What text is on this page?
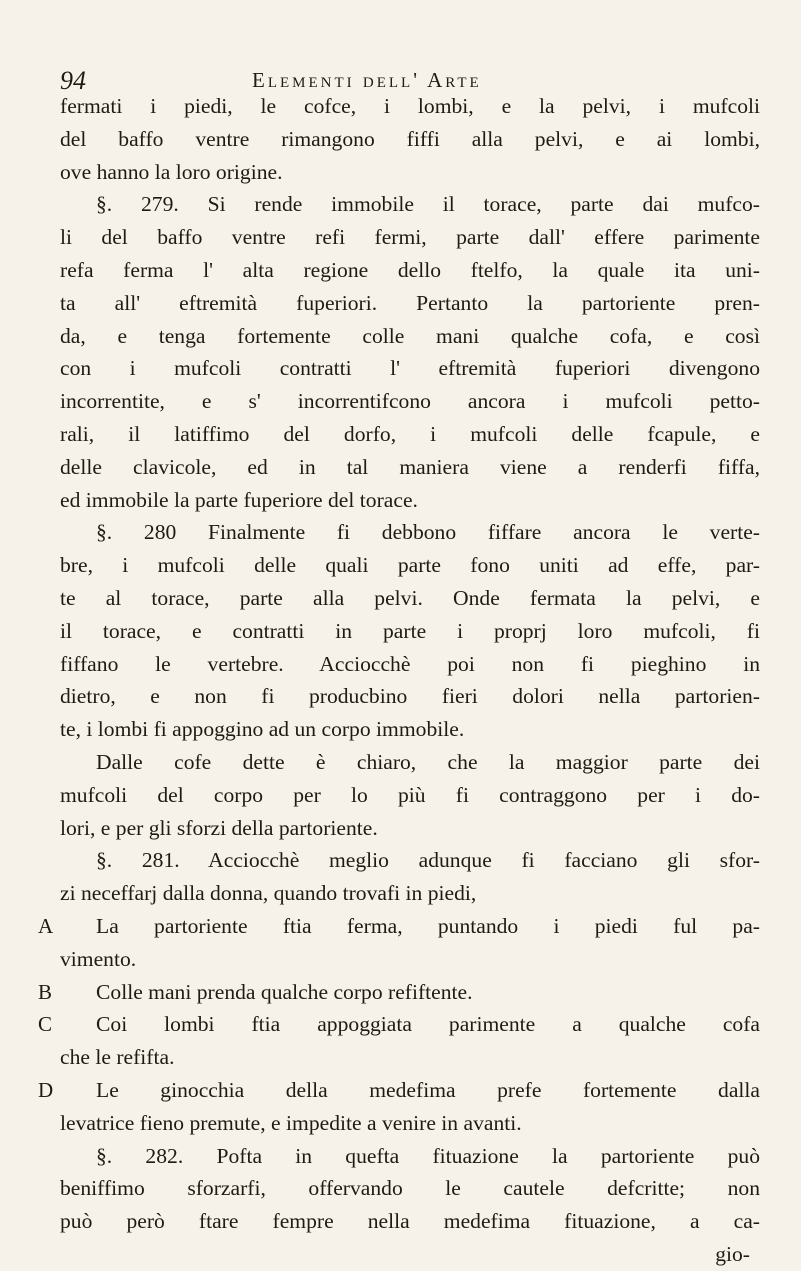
94	Elementi dell' Arte
fermati i piedi, le cofce, i lombi, e la pelvi, i mufcoli
del baffo ventre rimangono fiffi alla pelvi, e ai lombi,
ove hanno la loro origine.
§. 279. Si rende immobile il torace, parte dai mufco-
li del baffo ventre refi fermi, parte dall' effere parimente
refa ferma l' alta regione dello ftelfo, la quale ita uni-
ta all' eftremità fuperiori. Pertanto la partoriente pren-
da, e tenga fortemente colle mani qualche cofa, e così
con i mufcoli contratti l' eftremità fuperiori divengono
incorrentite, e s' incorrentifcono ancora i mufcoli petto-
rali, il latiffimo del dorfo, i mufcoli delle fcapule, e
delle clavicole, ed in tal maniera viene a renderfi fiffa,
ed immobile la parte fuperiore del torace.
§. 280 Finalmente fi debbono fiffare ancora le verte-
bre, i mufcoli delle quali parte fono uniti ad effe, par-
te al torace, parte alla pelvi. Onde fermata la pelvi, e
il torace, e contratti in parte i proprj loro mufcoli, fi
fiffano le vertebre. Acciocchè poi non fi pieghino in
dietro, e non fi producbino fieri dolori nella partorien-
te, i lombi fi appoggino ad un corpo immobile.
Dalle cofe dette è chiaro, che la maggior parte dei
mufcoli del corpo per lo più fi contraggono per i do-
lori, e per gli sforzi della partoriente.
§. 281. Acciocchè meglio adunque fi facciano gli sfor-
zi neceffarj dalla donna, quando trovafi in piedi,
A La partoriente ftia ferma, puntando i piedi ful pa-
vimento.
B Colle mani prenda qualche corpo refiftente.
C Coi lombi ftia appoggiata parimente a qualche cofa
che le refifta.
D Le ginocchia della medefima prefe fortemente dalla
levatrice fieno premute, e impedite a venire in avanti.
§. 282. Pofta in quefta fituazione la partoriente può
beniffimo sforzarfi, offervando le cautele defcritte; non
può però ftare fempre nella medefima fituazione, a ca-
gio-
